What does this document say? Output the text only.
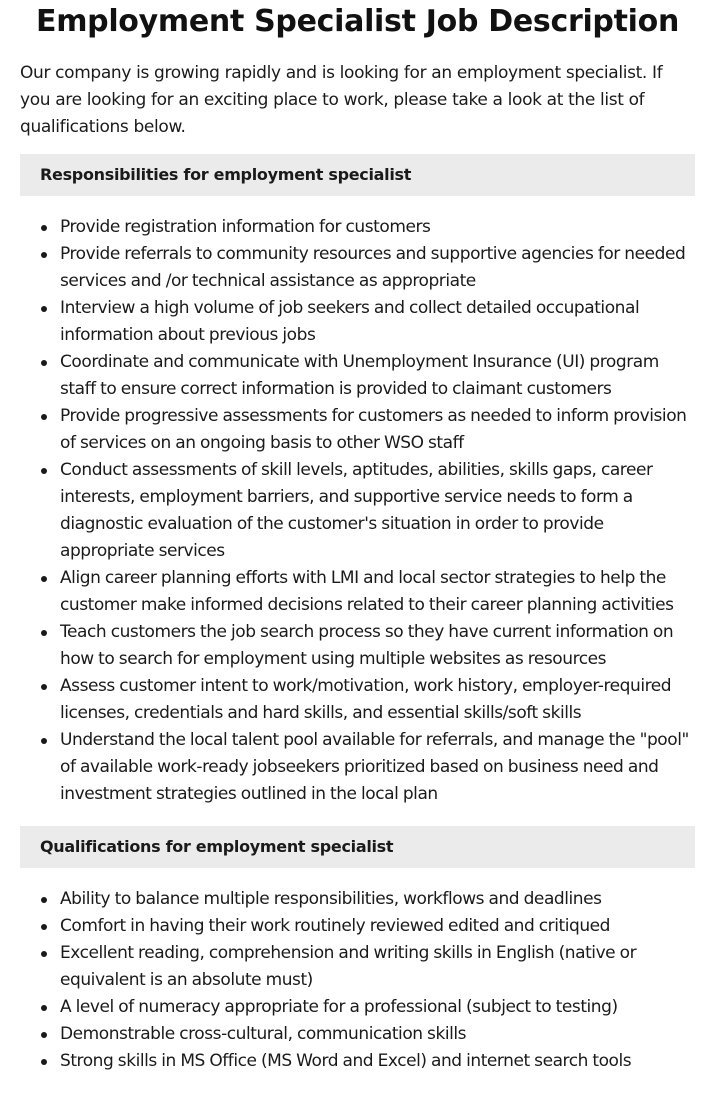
Employment Specialist Job Description

Our company is growing rapidly and is looking for an employment specialist. If you are looking for an exciting place to work, please take a look at the list of qualifications below.

Responsibilities for employment specialist
Provide registration information for customers
Provide referrals to community resources and supportive agencies for needed services and /or technical assistance as appropriate
Interview a high volume of job seekers and collect detailed occupational information about previous jobs
Coordinate and communicate with Unemployment Insurance (UI) program staff to ensure correct information is provided to claimant customers
Provide progressive assessments for customers as needed to inform provision of services on an ongoing basis to other WSO staff
Conduct assessments of skill levels, aptitudes, abilities, skills gaps, career interests, employment barriers, and supportive service needs to form a diagnostic evaluation of the customer's situation in order to provide appropriate services
Align career planning efforts with LMI and local sector strategies to help the customer make informed decisions related to their career planning activities
Teach customers the job search process so they have current information on how to search for employment using multiple websites as resources
Assess customer intent to work/motivation, work history, employer-required licenses, credentials and hard skills, and essential skills/soft skills
Understand the local talent pool available for referrals, and manage the "pool" of available work-ready jobseekers prioritized based on business need and investment strategies outlined in the local plan
Qualifications for employment specialist
Ability to balance multiple responsibilities, workflows and deadlines
Comfort in having their work routinely reviewed edited and critiqued
Excellent reading, comprehension and writing skills in English (native or equivalent is an absolute must)
A level of numeracy appropriate for a professional (subject to testing)
Demonstrable cross-cultural, communication skills
Strong skills in MS Office (MS Word and Excel) and internet search tools
